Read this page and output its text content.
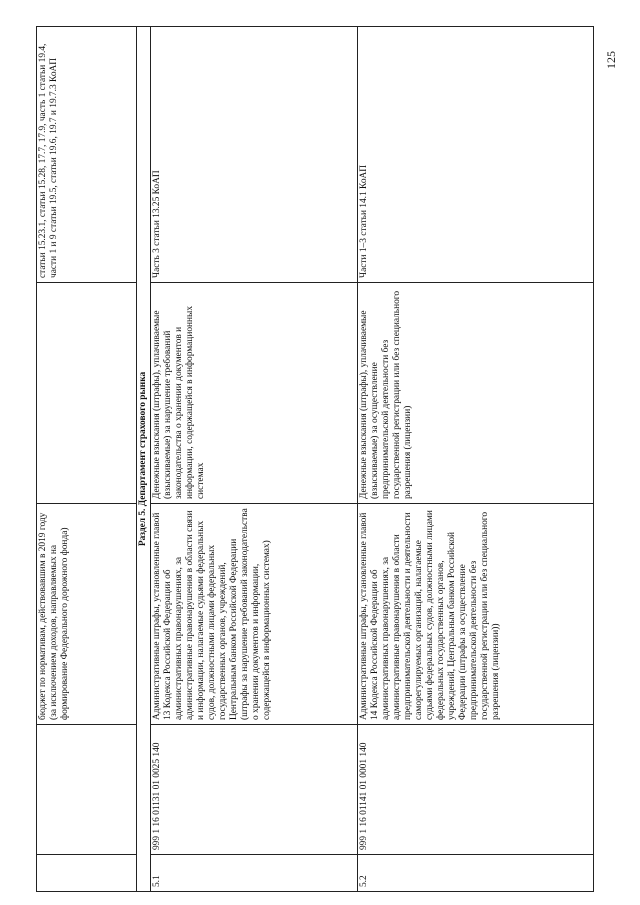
125
		бюджет по нормативам, действовавшим в 2019 году (за исключением доходов, направляемых на формирование Федерального дорожного фонда)		статьи 15.23.1, статьи 15.28, 17.7, 17.9, часть 1 статьи 19.4, части 1 и 9 статьи 19.5, статьи 19.6, 19.7 и 19.7.3 КоАП
Раздел 5. Департамент страхового рынка				
5.1	999 1 16 01131 01 0025 140	Административные штрафы, установленные главой 13 Кодекса Российской Федерации об административных правонарушениях, за административные правонарушения в области связи и информации, налагаемые судьями федеральных судов, должностными лицами федеральных государственных органов, учреждений, Центральным банком Российской Федерации (штрафы за нарушение требований законодательства о хранении документов и информации, содержащейся в информационных системах)	Денежные взыскания (штрафы), уплачиваемые (взыскиваемые) за нарушение требований законодательства о хранении документов и информации, содержащейся в информационных системах	Часть 3 статьи 13.25 КоАП
5.2	999 1 16 01141 01 0001 140	Административные штрафы, установленные главой 14 Кодекса Российской Федерации об административных правонарушениях, за административные правонарушения в области предпринимательской деятельности и деятельности саморегулируемых организаций, налагаемые судьями федеральных судов, должностными лицами федеральных государственных органов, учреждений, Центральным банком Российской Федерации (штрафы за осуществление предпринимательской деятельности без государственной регистрации или без специального разрешения (лицензии))	Денежные взыскания (штрафы), уплачиваемые (взыскиваемые) за осуществление предпринимательской деятельности без государственной регистрации или без специального разрешения (лицензии)	Части 1–3 статьи 14.1 КоАП
